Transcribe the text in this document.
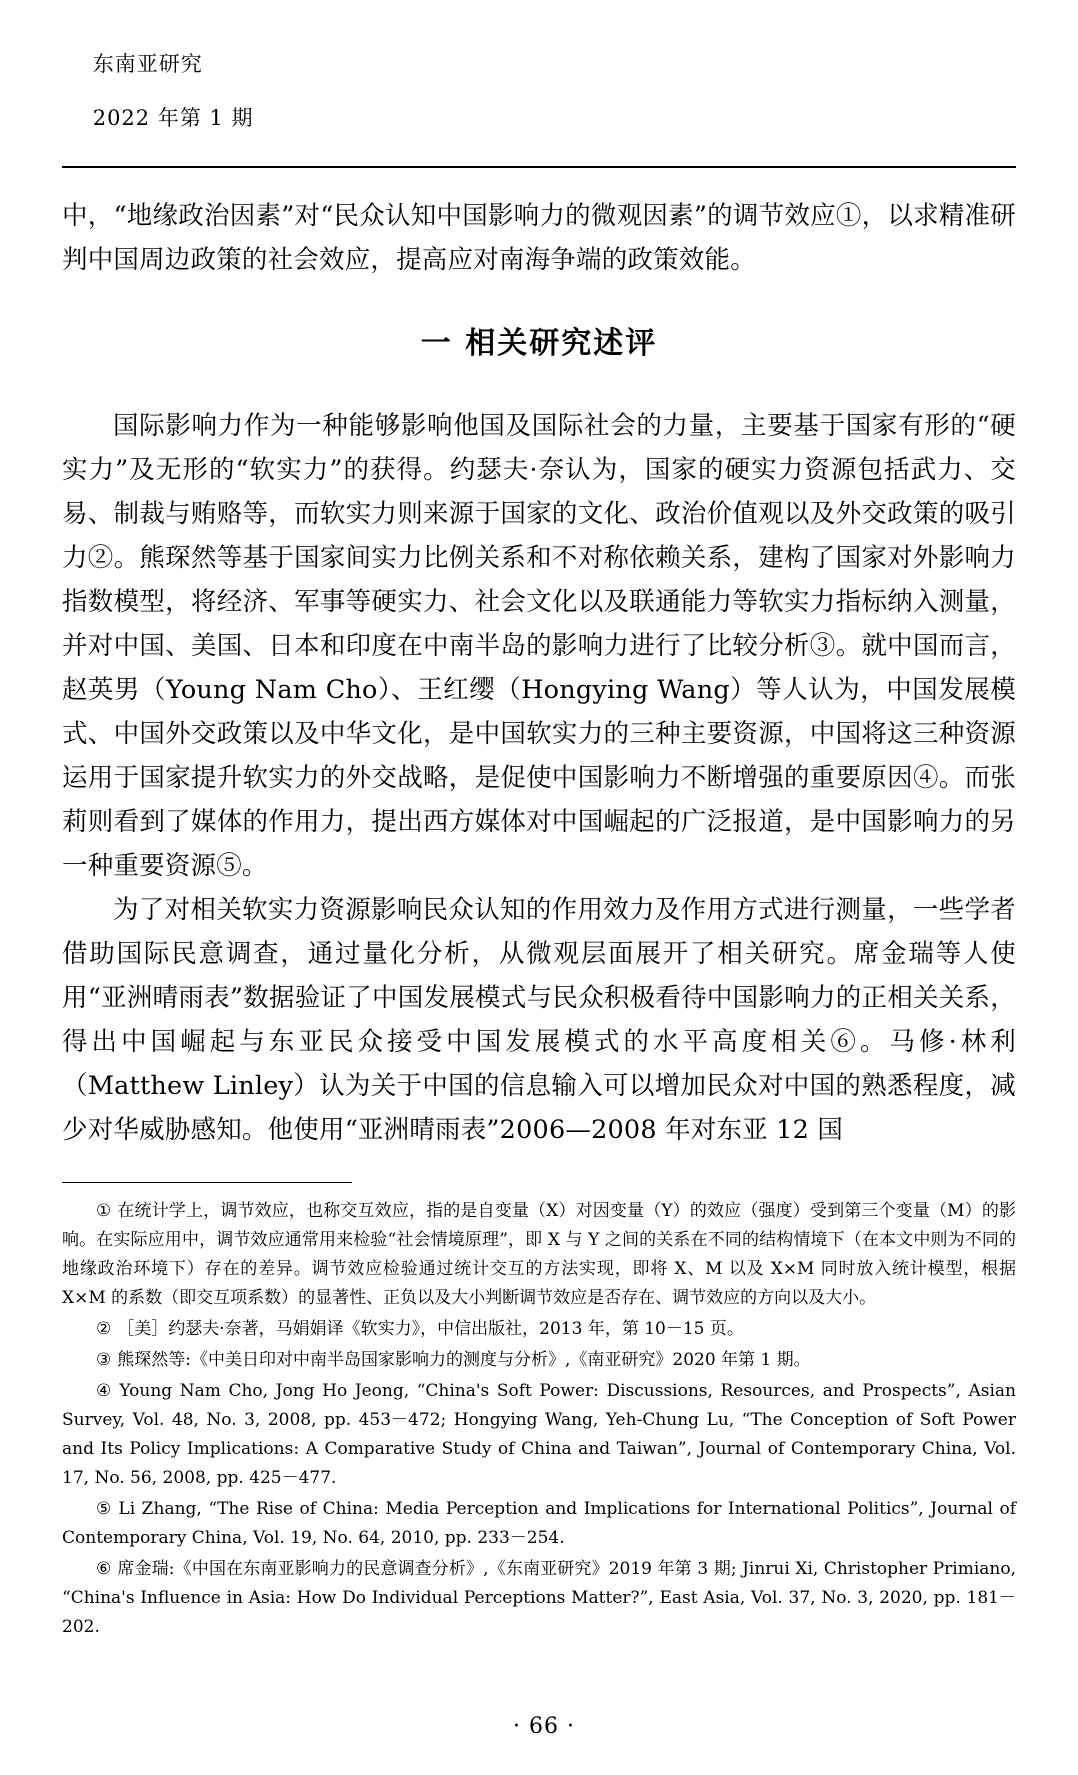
东南亚研究

2022 年第 1 期

中，“地缘政治因素”对“民众认知中国影响力的微观因素”的调节效应①，以求精准研判中国周边政策的社会效应，提高应对南海争端的政策效能。

一 相关研究述评

国际影响力作为一种能够影响他国及国际社会的力量，主要基于国家有形的“硬实力”及无形的“软实力”的获得。约瑟夫·奈认为，国家的硬实力资源包括武力、交易、制裁与贿赂等，而软实力则来源于国家的文化、政治价值观以及外交政策的吸引力②。熊琛然等基于国家间实力比例关系和不对称依赖关系，建构了国家对外影响力指数模型，将经济、军事等硬实力、社会文化以及联通能力等软实力指标纳入测量，并对中国、美国、日本和印度在中南半岛的影响力进行了比较分析③。就中国而言，赵英男（Young Nam Cho）、王红缨（Hongying Wang）等人认为，中国发展模式、中国外交政策以及中华文化，是中国软实力的三种主要资源，中国将这三种资源运用于国家提升软实力的外交战略，是促使中国影响力不断增强的重要原因④。而张莉则看到了媒体的作用力，提出西方媒体对中国崛起的广泛报道，是中国影响力的另一种重要资源⑤。

为了对相关软实力资源影响民众认知的作用效力及作用方式进行测量，一些学者借助国际民意调查，通过量化分析，从微观层面展开了相关研究。席金瑞等人使用“亚洲晴雨表”数据验证了中国发展模式与民众积极看待中国影响力的正相关关系，得出中国崛起与东亚民众接受中国发展模式的水平高度相关⑥。马修·林利（Matthew Linley）认为关于中国的信息输入可以增加民众对中国的熟悉程度，减少对华威胁感知。他使用“亚洲晴雨表”2006—2008 年对东亚 12 国

① 在统计学上，调节效应，也称交互效应，指的是自变量（X）对因变量（Y）的效应（强度）受到第三个变量（M）的影响。在实际应用中，调节效应通常用来检验“社会情境原理”，即 X 与 Y 之间的关系在不同的结构情境下（在本文中则为不同的地缘政治环境下）存在的差异。调节效应检验通过统计交互的方法实现，即将 X、M 以及 X×M 同时放入统计模型，根据 X×M 的系数（即交互项系数）的显著性、正负以及大小判断调节效应是否存在、调节效应的方向以及大小。

② ［美］约瑟夫·奈著，马娟娟译《软实力》，中信出版社，2013 年，第 10－15 页。

③ 熊琛然等:《中美日印对中南半岛国家影响力的测度与分析》,《南亚研究》2020 年第 1 期。

④ Young Nam Cho, Jong Ho Jeong, “China's Soft Power: Discussions, Resources, and Prospects”, Asian Survey, Vol. 48, No. 3, 2008, pp. 453－472; Hongying Wang, Yeh-Chung Lu, “The Conception of Soft Power and Its Policy Implications: A Comparative Study of China and Taiwan”, Journal of Contemporary China, Vol. 17, No. 56, 2008, pp. 425－477.

⑤ Li Zhang, “The Rise of China: Media Perception and Implications for International Politics”, Journal of Contemporary China, Vol. 19, No. 64, 2010, pp. 233－254.

⑥ 席金瑞:《中国在东南亚影响力的民意调查分析》,《东南亚研究》2019 年第 3 期; Jinrui Xi, Christopher Primiano, “China's Influence in Asia: How Do Individual Perceptions Matter?”, East Asia, Vol. 37, No. 3, 2020, pp. 181－202.

· 66 ·
